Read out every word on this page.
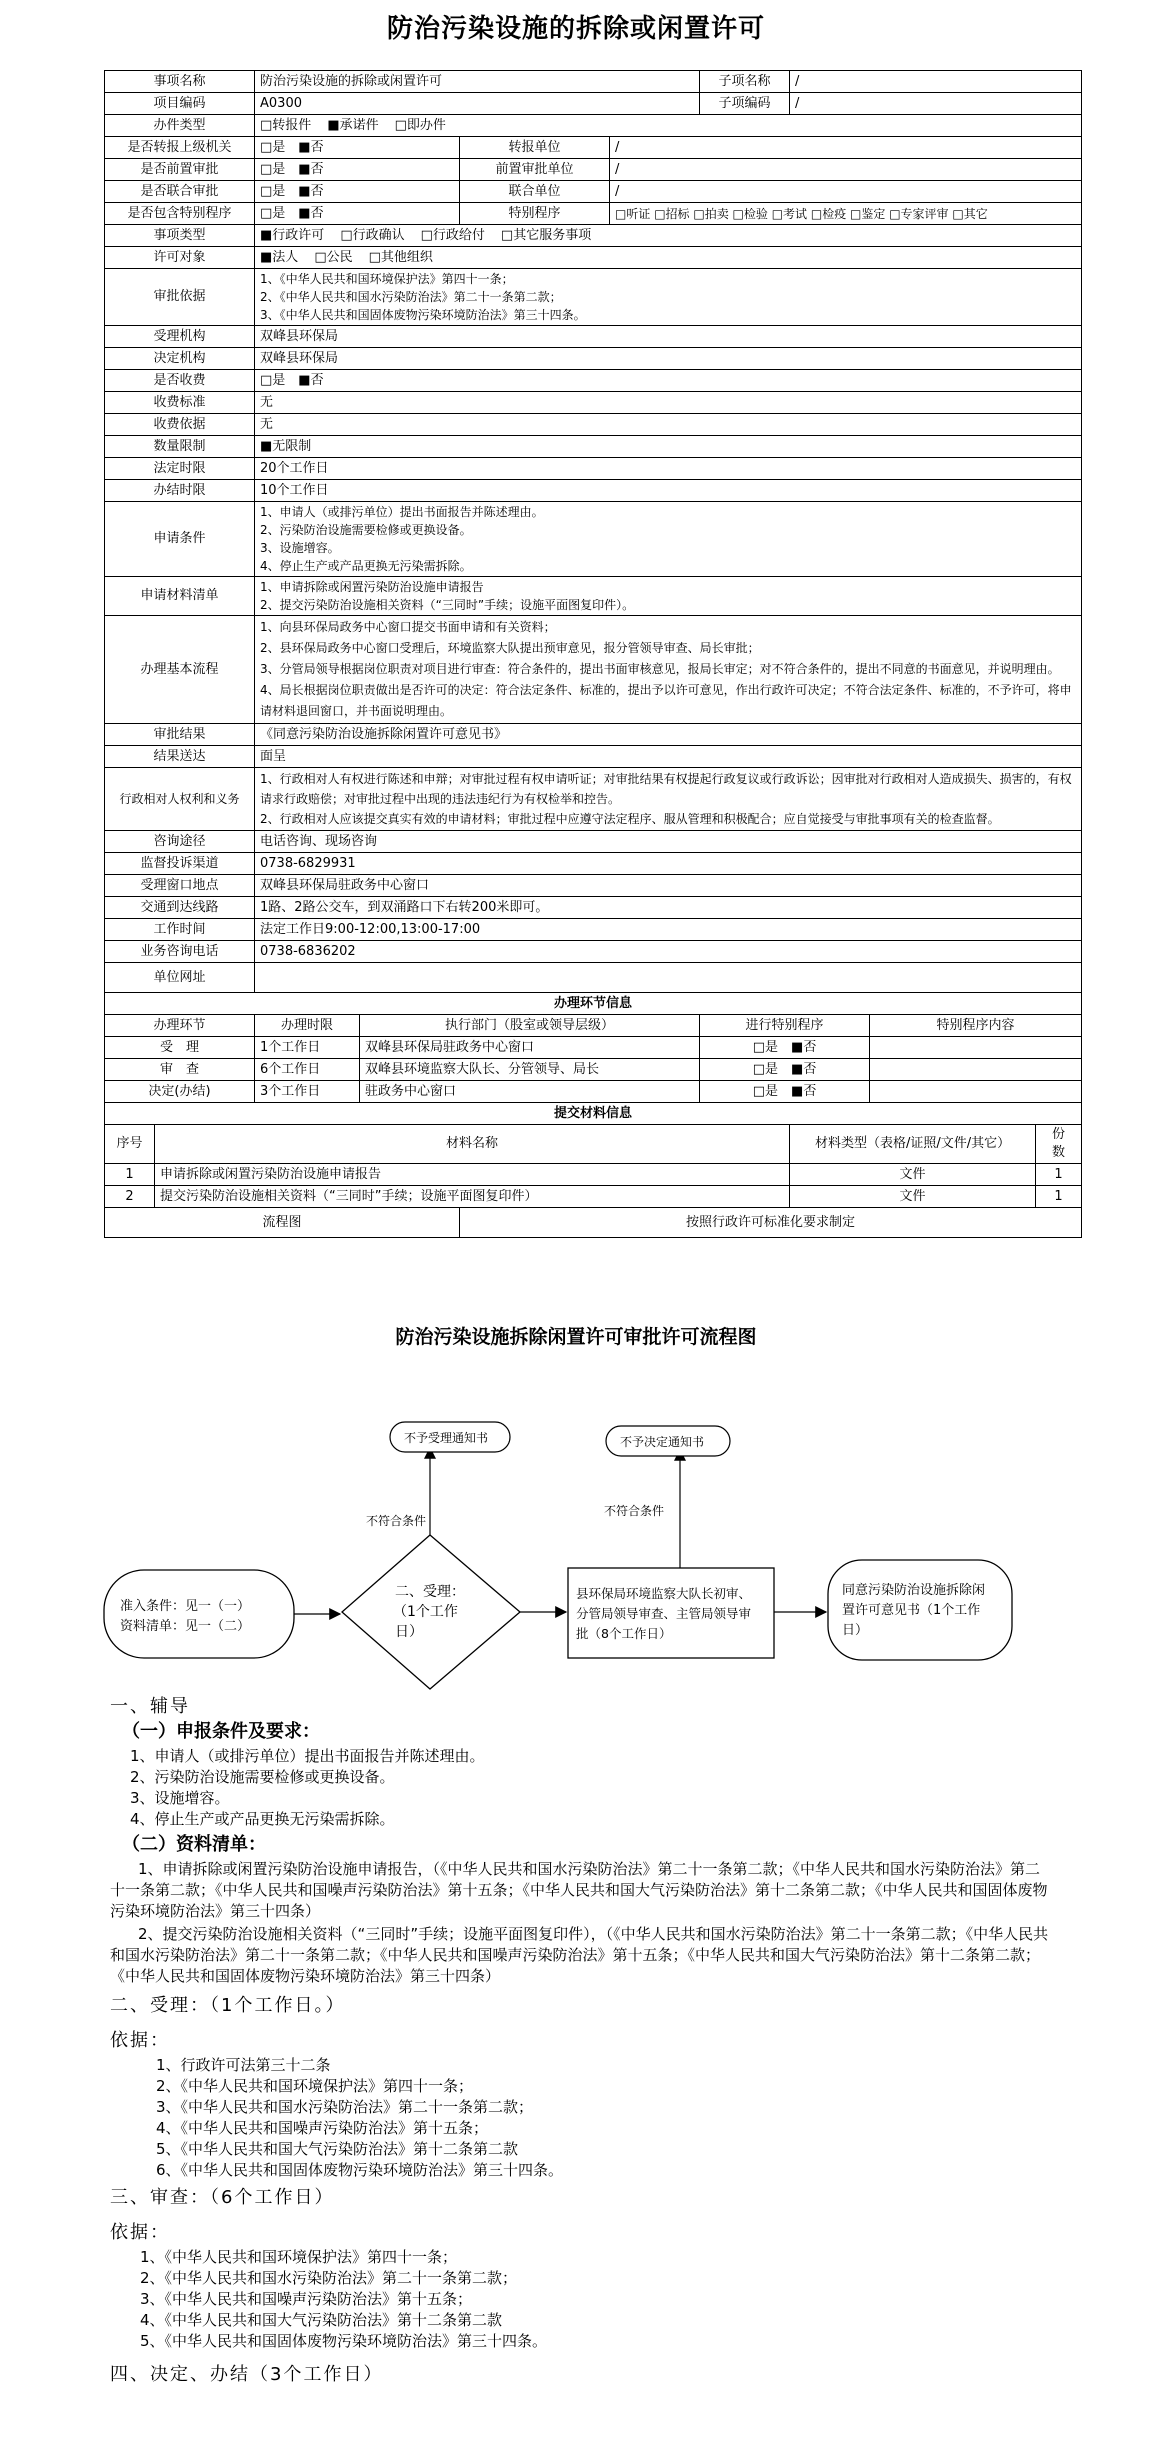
防治污染设施的拆除或闲置许可
事项名称		防治污染设施的拆除或闲置许可				子项名称	/		
项目编码		A0300				子项编码	/		
办件类型		□转报件 ■承诺件 □即办件							
是否转报上级机关		□是　■否		转报单位	/				
是否前置审批		□是　■否		前置审批单位	/				
是否联合审批		□是　■否		联合单位	/				
是否包含特别程序		□是　■否		特别程序	□听证 □招标 □拍卖 □检验 □考试 □检疫 □鉴定 □专家评审 □其它				
事项类型		■行政许可 □行政确认 □行政给付 □其它服务事项							
许可对象		■法人 □公民 □其他组织							
审批依据		1、《中华人民共和国环境保护法》第四十一条；
2、《中华人民共和国水污染防治法》第二十一条第二款；
3、《中华人民共和国固体废物污染环境防治法》第三十四条。							
受理机构		双峰县环保局							
决定机构		双峰县环保局							
是否收费		□是　■否							
收费标准		无							
收费依据		无							
数量限制		■无限制							
法定时限		20个工作日							
办结时限		10个工作日							
申请条件		1、申请人（或排污单位）提出书面报告并陈述理由。
2、污染防治设施需要检修或更换设备。
3、设施增容。
4、停止生产或产品更换无污染需拆除。							
申请材料清单		1、申请拆除或闲置污染防治设施申请报告
2、提交污染防治设施相关资料（“三同时”手续；设施平面图复印件）。							
办理基本流程		1、向县环保局政务中心窗口提交书面申请和有关资料；
2、县环保局政务中心窗口受理后，环境监察大队提出预审意见，报分管领导审查、局长审批；
3、分管局领导根据岗位职责对项目进行审查：符合条件的，提出书面审核意见，报局长审定；对不符合条件的，提出不同意的书面意见，并说明理由。
4、局长根据岗位职责做出是否许可的决定：符合法定条件、标准的，提出予以许可意见，作出行政许可决定；不符合法定条件、标准的，不予许可，将申请材料退回窗口，并书面说明理由。							
审批结果		《同意污染防治设施拆除闲置许可意见书》							
结果送达		面呈							
行政相对人权利和义务		1、行政相对人有权进行陈述和申辩；对审批过程有权申请听证；对审批结果有权提起行政复议或行政诉讼；因审批对行政相对人造成损失、损害的，有权请求行政赔偿；对审批过程中出现的违法违纪行为有权检举和控告。
2、行政相对人应该提交真实有效的申请材料；审批过程中应遵守法定程序、服从管理和积极配合；应自觉接受与审批事项有关的检查监督。							
咨询途径		电话咨询、现场咨询							
监督投诉渠道		0738-6829931							
受理窗口地点		双峰县环保局驻政务中心窗口							
交通到达线路		1路、2路公交车，到双涌路口下右转200米即可。							
工作时间		法定工作日9:00-12:00,13:00-17:00							
业务咨询电话		0738-6836202							
单位网址									
办理环节信息									
办理环节		办理时限	执行部门（股室或领导层级）			进行特别程序		特别程序内容	
受　理		1个工作日	双峰县环保局驻政务中心窗口			□是　■否			
审　查		6个工作日	双峰县环境监察大队长、分管领导、局长			□是　■否			
决定(办结)		3个工作日	驻政务中心窗口			□是　■否			
提交材料信息									
序号	材料名称						材料类型（表格/证照/文件/其它）		份　数
1	申请拆除或闲置污染防治设施申请报告						文件		1
2	提交污染防治设施相关资料（“三同时”手续；设施平面图复印件）						文件		1
流程图				按照行政许可标准化要求制定					
防治污染设施拆除闲置许可审批许可流程图
准入条件：见一（一）
资料清单：见一（二）
二、受理：
（1个工作
日）
不符合条件
不予受理通知书
县环保局环境监察大队长初审、
分管局领导审查、主管局领导审
批（8个工作日）
不符合条件
不予决定通知书
同意污染防治设施拆除闲
置许可意见书（1个工作
日）
一、辅导
（一）申报条件及要求：
1、申请人（或排污单位）提出书面报告并陈述理由。
2、污染防治设施需要检修或更换设备。
3、设施增容。
4、停止生产或产品更换无污染需拆除。
（二）资料清单：
1、申请拆除或闲置污染防治设施申请报告，（《中华人民共和国水污染防治法》第二十一条第二款；《中华人民共和国水污染防治法》第二十一条第二款；《中华人民共和国噪声污染防治法》第十五条；《中华人民共和国大气污染防治法》第十二条第二款；《中华人民共和国固体废物污染环境防治法》第三十四条）
2、提交污染防治设施相关资料（“三同时”手续；设施平面图复印件），（《中华人民共和国水污染防治法》第二十一条第二款；《中华人民共和国水污染防治法》第二十一条第二款；《中华人民共和国噪声污染防治法》第十五条；《中华人民共和国大气污染防治法》第十二条第二款；《中华人民共和国固体废物污染环境防治法》第三十四条）
二、受理：（1个工作日。）
依据：
1、行政许可法第三十二条
2、《中华人民共和国环境保护法》第四十一条；
3、《中华人民共和国水污染防治法》第二十一条第二款；
4、《中华人民共和国噪声污染防治法》第十五条；
5、《中华人民共和国大气污染防治法》第十二条第二款
6、《中华人民共和国固体废物污染环境防治法》第三十四条。
三、审查：（6个工作日）
依据：
1、《中华人民共和国环境保护法》第四十一条；
2、《中华人民共和国水污染防治法》第二十一条第二款；
3、《中华人民共和国噪声污染防治法》第十五条；
4、《中华人民共和国大气污染防治法》第十二条第二款
5、《中华人民共和国固体废物污染环境防治法》第三十四条。
四、决定、办结（3个工作日）
